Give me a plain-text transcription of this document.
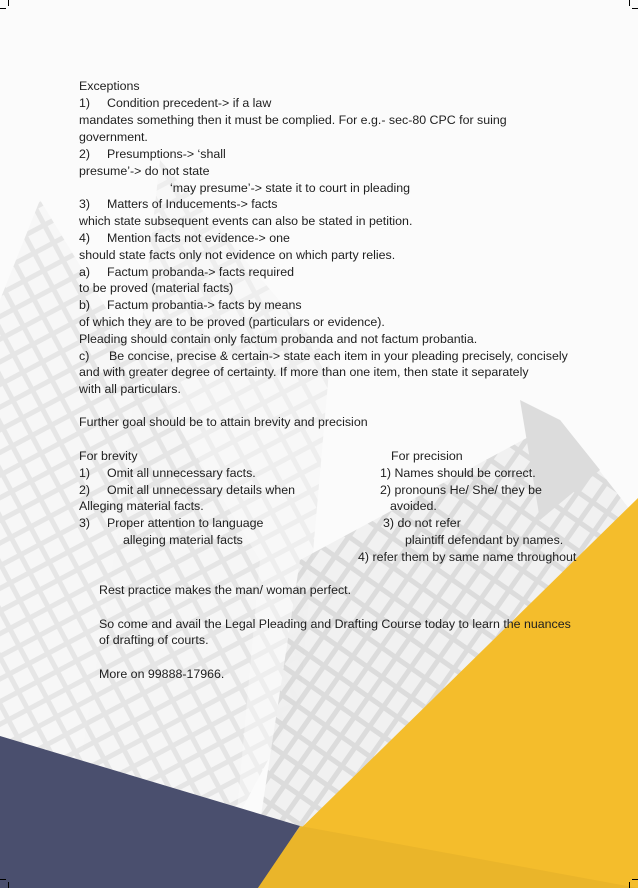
Exceptions
1) Condition precedent-> if a law
mandates something then it must be complied. For e.g.- sec-80 CPC for suing
government.
2) Presumptions-> ‘shall
presume’-> do not state
‘may presume’-> state it to court in pleading
3) Matters of Inducements-> facts
which state subsequent events can also be stated in petition.
4) Mention facts not evidence-> one
should state facts only not evidence on which party relies.
a) Factum probanda-> facts required
to be proved (material facts)
b) Factum probantia-> facts by means
of which they are to be proved (particulars or evidence).
Pleading should contain only factum probanda and not factum probantia.
c) Be concise, precise & certain-> state each item in your pleading precisely, concisely
and with greater degree of certainty. If more than one item, then state it separately
with all particulars.
Further goal should be to attain brevity and precision
For brevity
1) Omit all unnecessary facts.
2) Omit all unnecessary details when
Alleging material facts.
3) Proper attention to language
alleging material facts
For precision
1) Names should be correct.
2) pronouns He/ She/ they be
avoided.
3) do not refer
plaintiff defendant by names.
4) refer them by same name throughout
Rest practice makes the man/ woman perfect.
So come and avail the Legal Pleading and Drafting Course today to learn the nuances
of drafting of courts.
More on 99888-17966.
